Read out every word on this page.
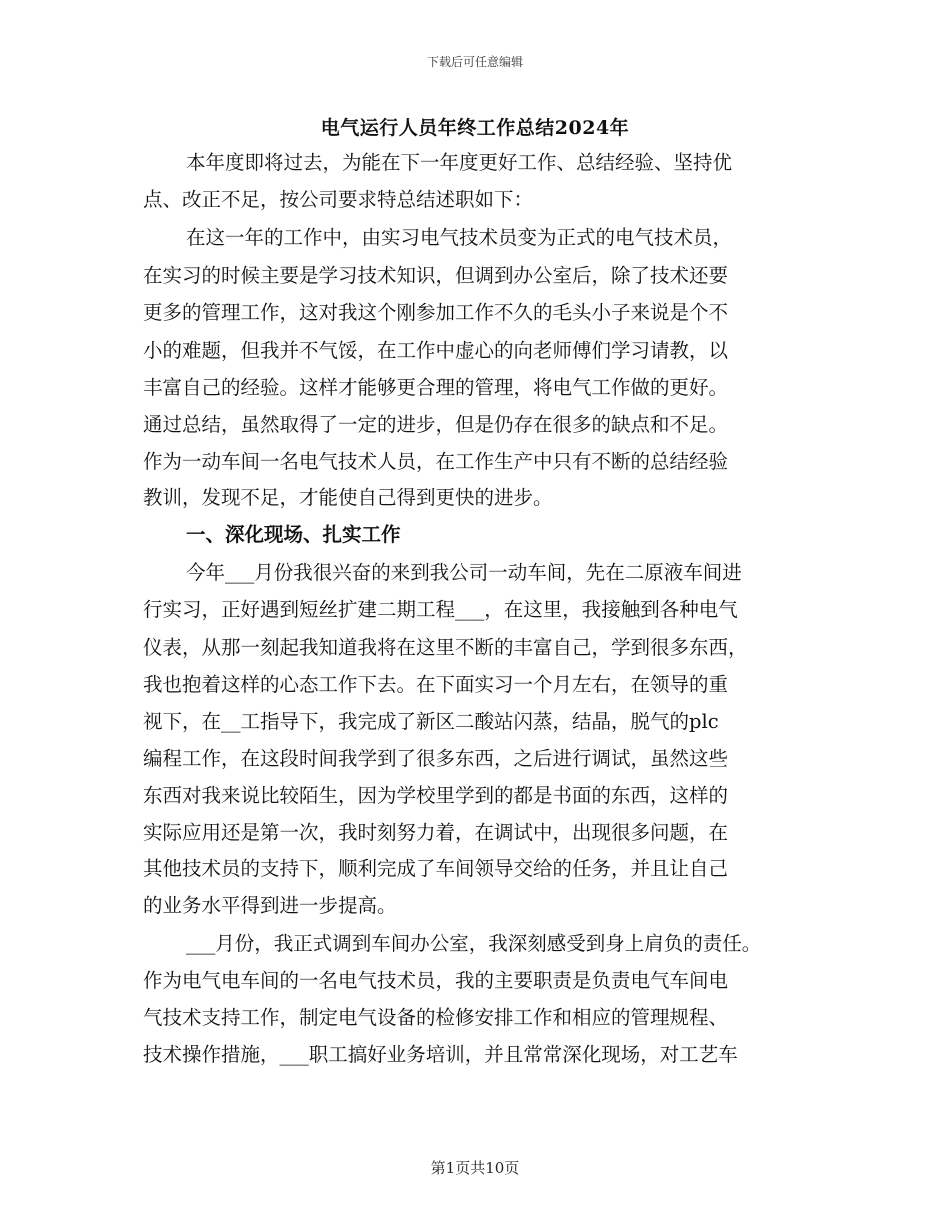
下载后可任意编辑
电气运行人员年终工作总结2024年
本年度即将过去，为能在下一年度更好工作、总结经验、坚持优
点、改正不足，按公司要求特总结述职如下：
在这一年的工作中，由实习电气技术员变为正式的电气技术员，
在实习的时候主要是学习技术知识，但调到办公室后，除了技术还要
更多的管理工作，这对我这个刚参加工作不久的毛头小子来说是个不
小的难题，但我并不气馁，在工作中虚心的向老师傅们学习请教，以
丰富自己的经验。这样才能够更合理的管理，将电气工作做的更好。
通过总结，虽然取得了一定的进步，但是仍存在很多的缺点和不足。
作为一动车间一名电气技术人员，在工作生产中只有不断的总结经验
教训，发现不足，才能使自己得到更快的进步。
一、深化现场、扎实工作
今年___月份我很兴奋的来到我公司一动车间，先在二原液车间进
行实习，正好遇到短丝扩建二期工程___，在这里，我接触到各种电气
仪表，从那一刻起我知道我将在这里不断的丰富自己，学到很多东西，
我也抱着这样的心态工作下去。在下面实习一个月左右，在领导的重
视下，在__工指导下，我完成了新区二酸站闪蒸，结晶，脱气的plc
编程工作，在这段时间我学到了很多东西，之后进行调试，虽然这些
东西对我来说比较陌生，因为学校里学到的都是书面的东西，这样的
实际应用还是第一次，我时刻努力着，在调试中，出现很多问题，在
其他技术员的支持下，顺利完成了车间领导交给的任务，并且让自己
的业务水平得到进一步提高。
___月份，我正式调到车间办公室，我深刻感受到身上肩负的责任。
作为电气电车间的一名电气技术员，我的主要职责是负责电气车间电
气技术支持工作，制定电气设备的检修安排工作和相应的管理规程、
技术操作措施，___职工搞好业务培训，并且常常深化现场，对工艺车
第1页共10页
